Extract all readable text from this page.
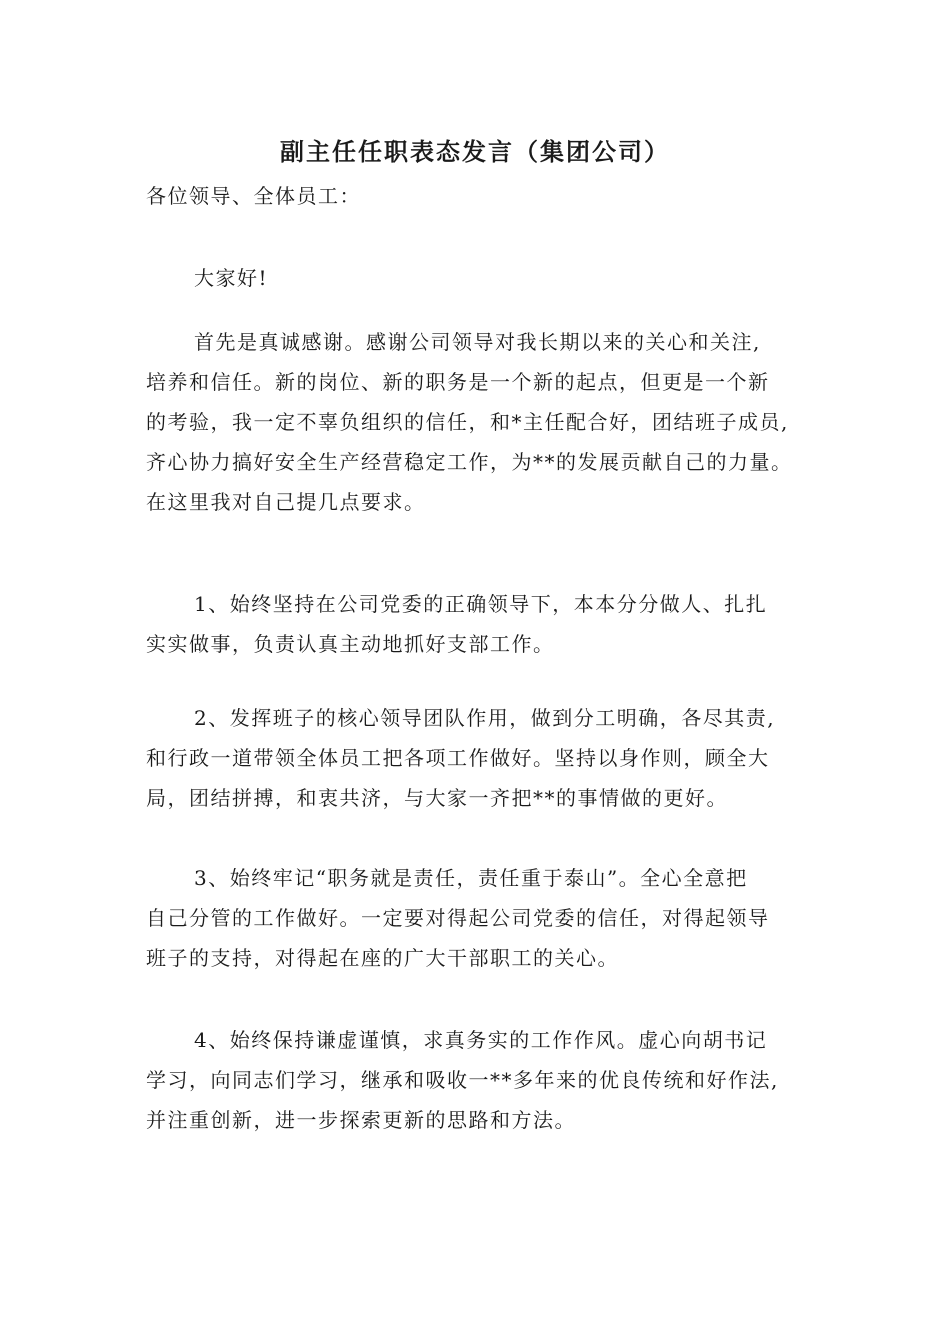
副主任任职表态发言（集团公司）

各位领导、全体员工：

大家好!

首先是真诚感谢。感谢公司领导对我长期以来的关心和关注,
培养和信任。新的岗位、新的职务是一个新的起点，但更是一个新
的考验，我一定不辜负组织的信任，和*主任配合好，团结班子成员,
齐心协力搞好安全生产经营稳定工作，为**的发展贡献自己的力量。
在这里我对自己提几点要求。
1、始终坚持在公司党委的正确领导下，本本分分做人、扎扎
实实做事，负责认真主动地抓好支部工作。
2、发挥班子的核心领导团队作用，做到分工明确，各尽其责,
和行政一道带领全体员工把各项工作做好。坚持以身作则，顾全大
局，团结拼搏，和衷共济，与大家一齐把**的事情做的更好。
3、始终牢记“职务就是责任，责任重于泰山”。全心全意把
自己分管的工作做好。一定要对得起公司党委的信任，对得起领导
班子的支持，对得起在座的广大干部职工的关心。
4、始终保持谦虚谨慎，求真务实的工作作风。虚心向胡书记
学习，向同志们学习，继承和吸收一**多年来的优良传统和好作法,
并注重创新，进一步探索更新的思路和方法。
